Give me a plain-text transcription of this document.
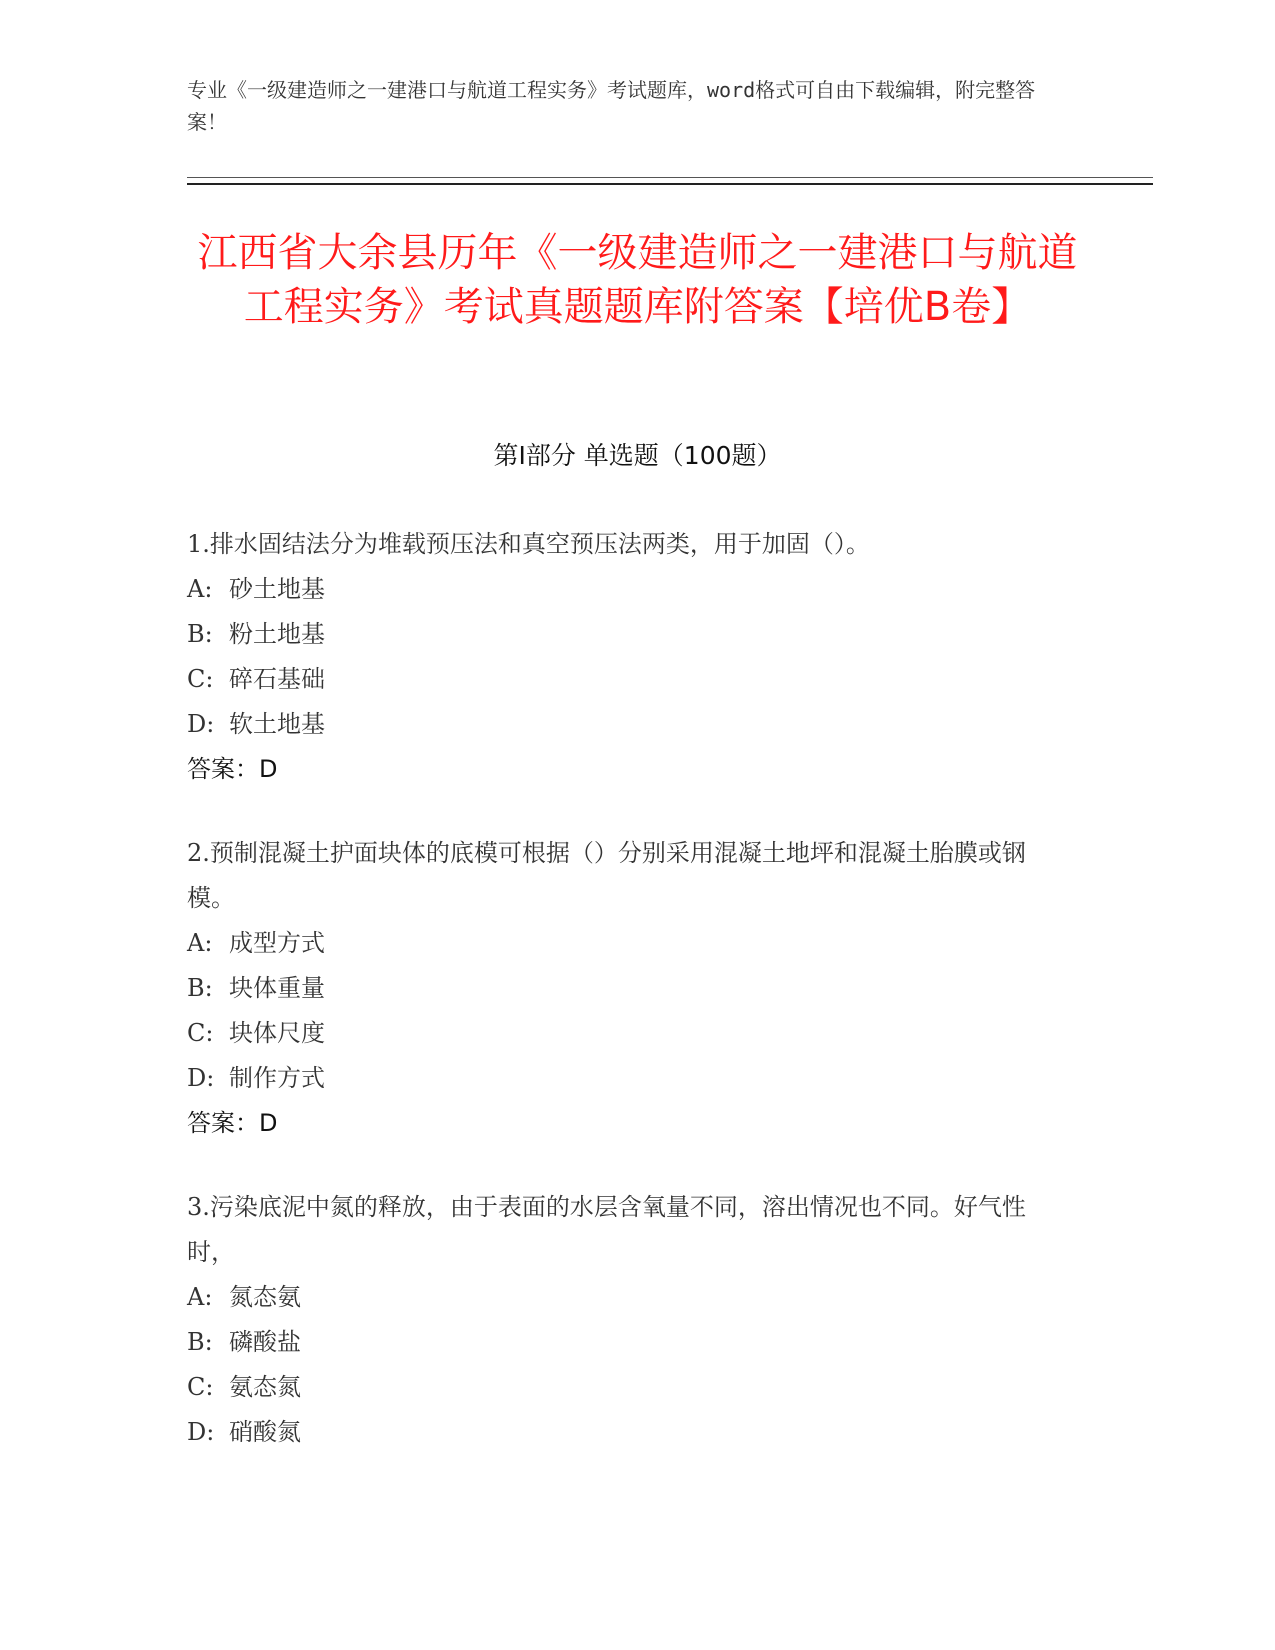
专业《一级建造师之一建港口与航道工程实务》考试题库，word格式可自由下载编辑，附完整答案！
江西省大余县历年《一级建造师之一建港口与航道工程实务》考试真题题库附答案【培优B卷】
第I部分 单选题（100题）
1.排水固结法分为堆载预压法和真空预压法两类，用于加固（）。
A: 砂土地基
B: 粉土地基
C: 碎石基础
D: 软土地基
答案：D
2.预制混凝土护面块体的底模可根据（）分别采用混凝土地坪和混凝土胎膜或钢模。
A: 成型方式
B: 块体重量
C: 块体尺度
D: 制作方式
答案：D
3.污染底泥中氮的释放，由于表面的水层含氧量不同，溶出情况也不同。好气性时，
A: 氮态氨
B: 磷酸盐
C: 氨态氮
D: 硝酸氮
